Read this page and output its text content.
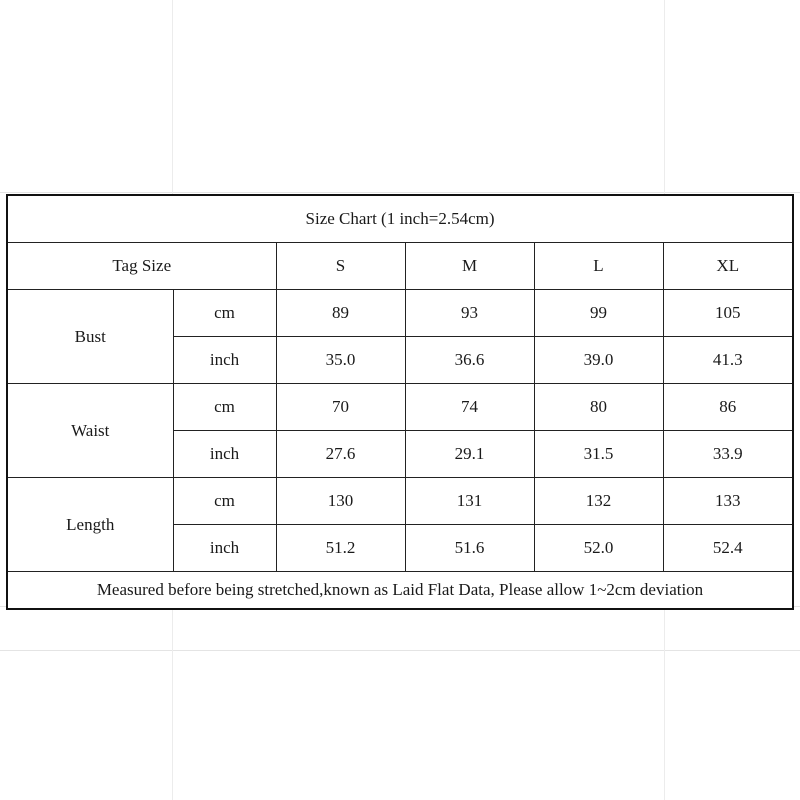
Size Chart (1 inch=2.54cm)					
Tag Size		S	M	L	XL
Bust	cm	89	93	99	105
	inch	35.0	36.6	39.0	41.3
Waist	cm	70	74	80	86
	inch	27.6	29.1	31.5	33.9
Length	cm	130	131	132	133
	inch	51.2	51.6	52.0	52.4
Measured before being stretched,known as Laid Flat Data, Please allow 1~2cm deviation					
